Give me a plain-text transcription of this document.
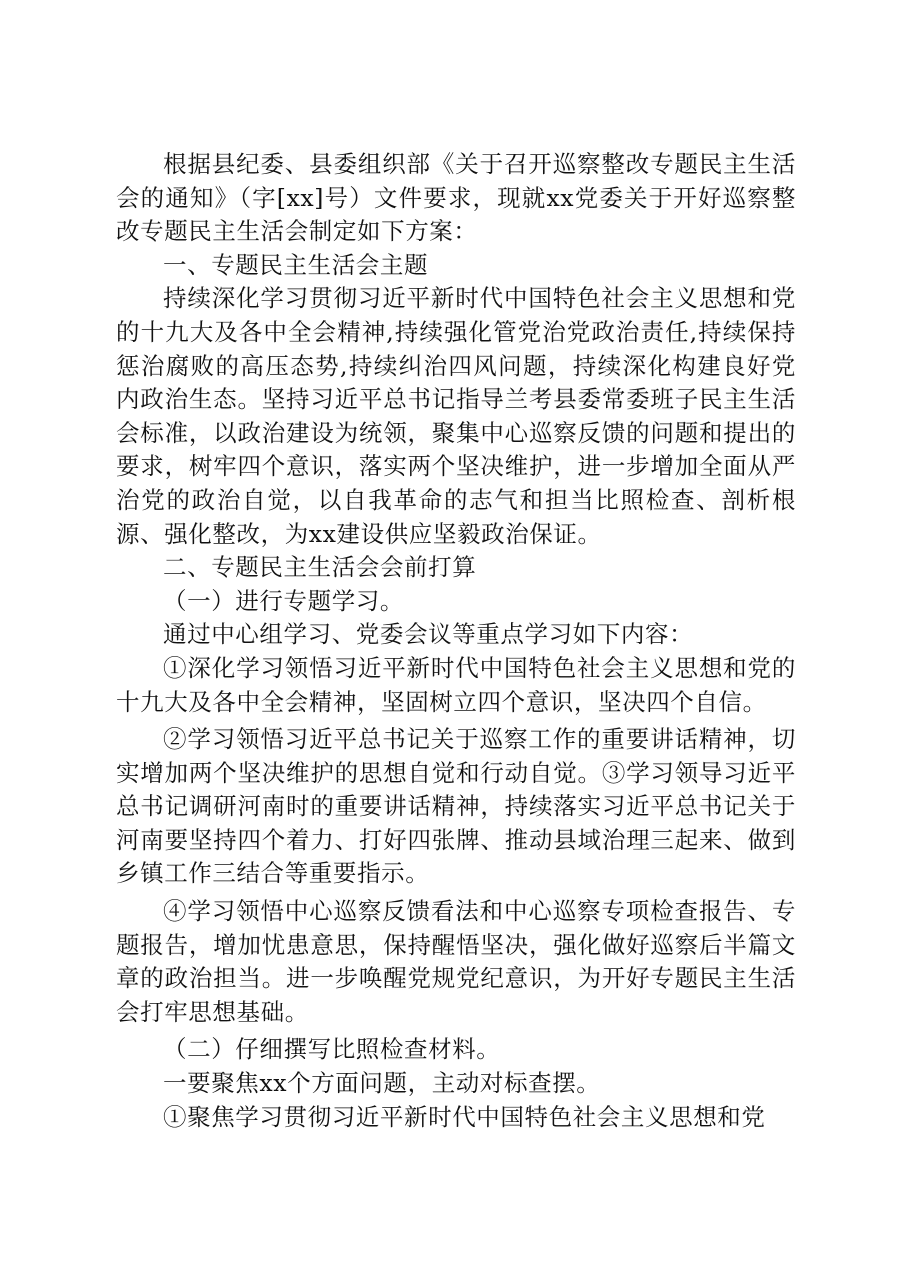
根据县纪委、县委组织部《关于召开巡察整改专题民主生活会的通知》（字[xx]号）文件要求，现就xx党委关于开好巡察整改专题民主生活会制定如下方案：

一、专题民主生活会主题

持续深化学习贯彻习近平新时代中国特色社会主义思想和党的十九大及各中全会精神,持续强化管党治党政治责任,持续保持惩治腐败的高压态势,持续纠治四风问题，持续深化构建良好党内政治生态。坚持习近平总书记指导兰考县委常委班子民主生活会标准，以政治建设为统领，聚集中心巡察反馈的问题和提出的要求，树牢四个意识，落实两个坚决维护，进一步增加全面从严治党的政治自觉，以自我革命的志气和担当比照检查、剖析根源、强化整改，为xx建设供应坚毅政治保证。

二、专题民主生活会会前打算

（一）进行专题学习。

通过中心组学习、党委会议等重点学习如下内容：

①深化学习领悟习近平新时代中国特色社会主义思想和党的十九大及各中全会精神，坚固树立四个意识，坚决四个自信。

②学习领悟习近平总书记关于巡察工作的重要讲话精神，切实增加两个坚决维护的思想自觉和行动自觉。③学习领导习近平总书记调研河南时的重要讲话精神，持续落实习近平总书记关于河南要坚持四个着力、打好四张牌、推动县域治理三起来、做到乡镇工作三结合等重要指示。

④学习领悟中心巡察反馈看法和中心巡察专项检查报告、专题报告，增加忧患意思，保持醒悟坚决，强化做好巡察后半篇文章的政治担当。进一步唤醒党规党纪意识，为开好专题民主生活会打牢思想基础。

（二）仔细撰写比照检查材料。

一要聚焦xx个方面问题，主动对标查摆。

①聚焦学习贯彻习近平新时代中国特色社会主义思想和党
